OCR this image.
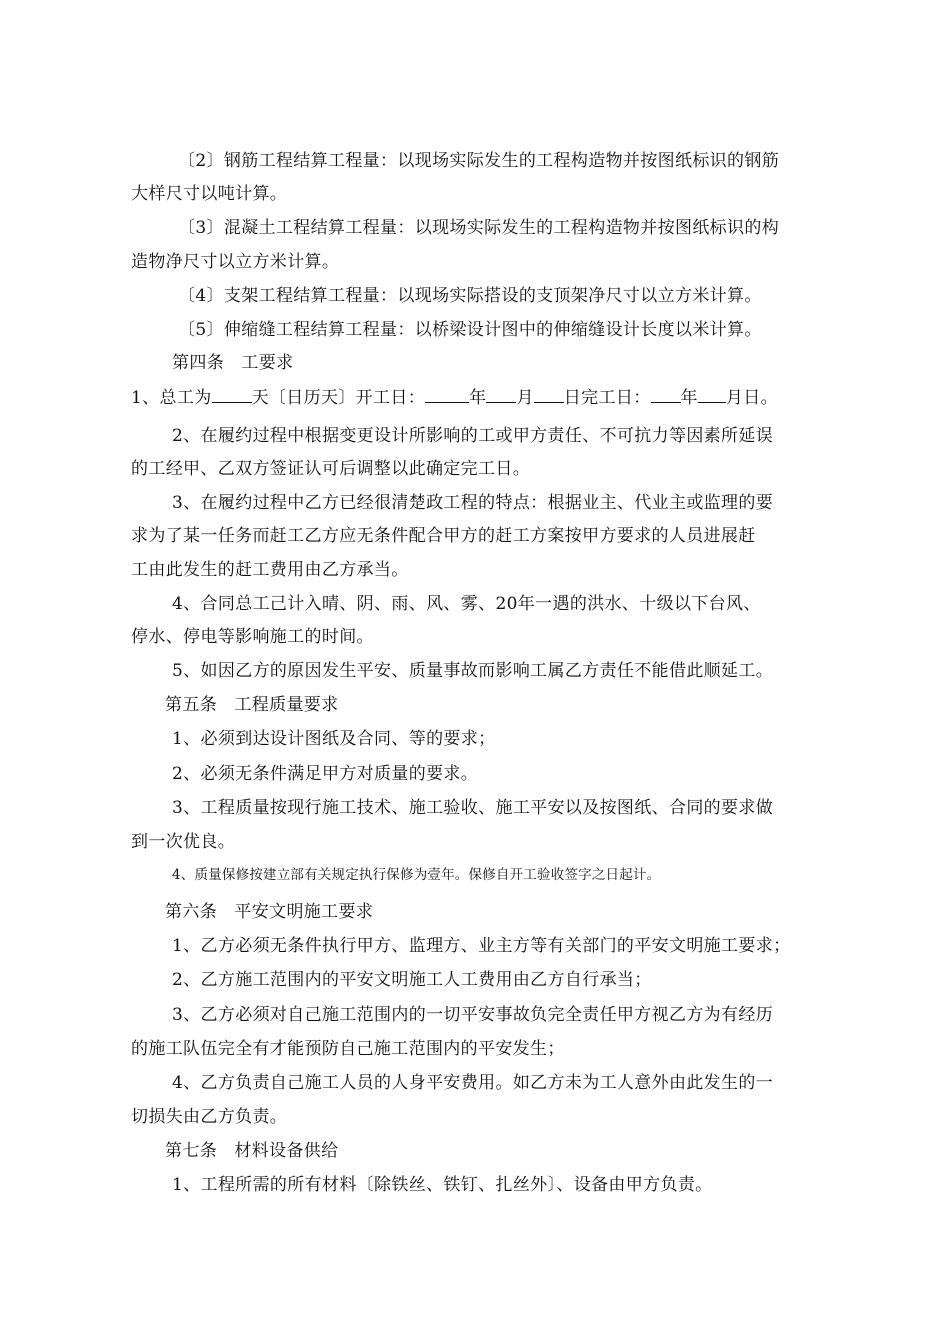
〔2〕钢筋工程结算工程量：以现场实际发生的工程构造物并按图纸标识的钢筋
大样尺寸以吨计算。
〔3〕混凝土工程结算工程量：以现场实际发生的工程构造物并按图纸标识的构
造物净尺寸以立方米计算。
〔4〕支架工程结算工程量：以现场实际搭设的支顶架净尺寸以立方米计算。
〔5〕伸缩缝工程结算工程量：以桥梁设计图中的伸缩缝设计长度以米计算。
第四条　工要求
1、总工为 天〔日历天〕开工日：	年 月 日完工日： 年 月日。
2、在履约过程中根据变更设计所影响的工或甲方责任、不可抗力等因素所延误
的工经甲、乙双方签证认可后调整以此确定完工日。
3、在履约过程中乙方已经很清楚政工程的特点：根据业主、代业主或监理的要
求为了某一任务而赶工乙方应无条件配合甲方的赶工方案按甲方要求的人员进展赶
工由此发生的赶工费用由乙方承当。
4、合同总工己计入晴、阴、雨、风、雾、20年一遇的洪水、十级以下台风、
停水、停电等影响施工的时间。
5、如因乙方的原因发生平安、质量事故而影响工属乙方责任不能借此顺延工。
第五条　工程质量要求
1、必须到达设计图纸及合同、等的要求；
2、必须无条件满足甲方对质量的要求。
3、工程质量按现行施工技术、施工验收、施工平安以及按图纸、合同的要求做
到一次优良。
4、质量保修按建立部有关规定执行保修为壹年。保修自开工验收签字之日起计。
第六条　平安文明施工要求
1、乙方必须无条件执行甲方、监理方、业主方等有关部门的平安文明施工要求；
2、乙方施工范围内的平安文明施工人工费用由乙方自行承当；
3、乙方必须对自己施工范围内的一切平安事故负完全责任甲方视乙方为有经历
的施工队伍完全有才能预防自己施工范围内的平安发生；
4、乙方负责自己施工人员的人身平安费用。如乙方未为工人意外由此发生的一
切损失由乙方负责。
第七条　材料设备供给
1、工程所需的所有材料〔除铁丝、铁钉、扎丝外〕、设备由甲方负责。
